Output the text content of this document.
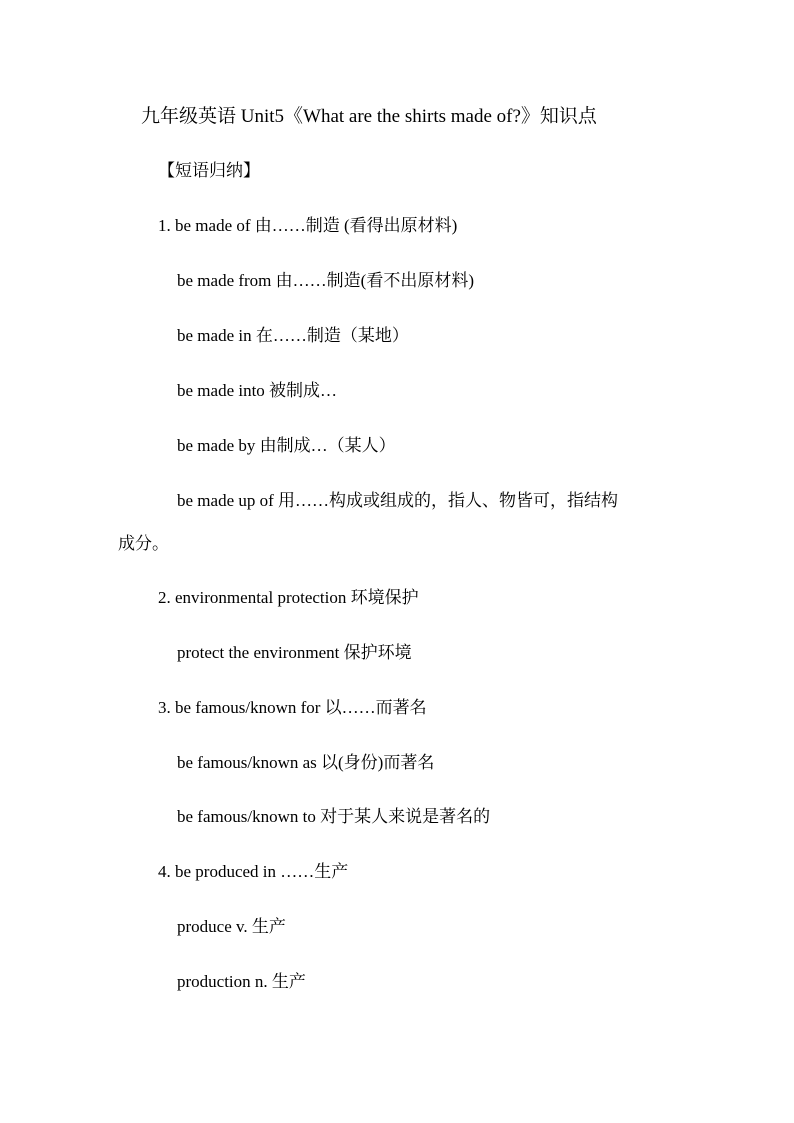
九年级英语 Unit5《What are the shirts made of?》知识点
【短语归纳】
1. be made of 由……制造 (看得出原材料)
be made from 由……制造(看不出原材料)
be made in 在……制造（某地）
be made into 被制成…
be made by 由制成…（某人）
be made up of 用……构成或组成的，指人、物皆可，指结构
成分。
2. environmental protection 环境保护
protect the environment 保护环境
3. be famous/known for 以……而著名
be famous/known as 以(身份)而著名
be famous/known to 对于某人来说是著名的
4. be produced in ……生产
produce v. 生产
production n. 生产
